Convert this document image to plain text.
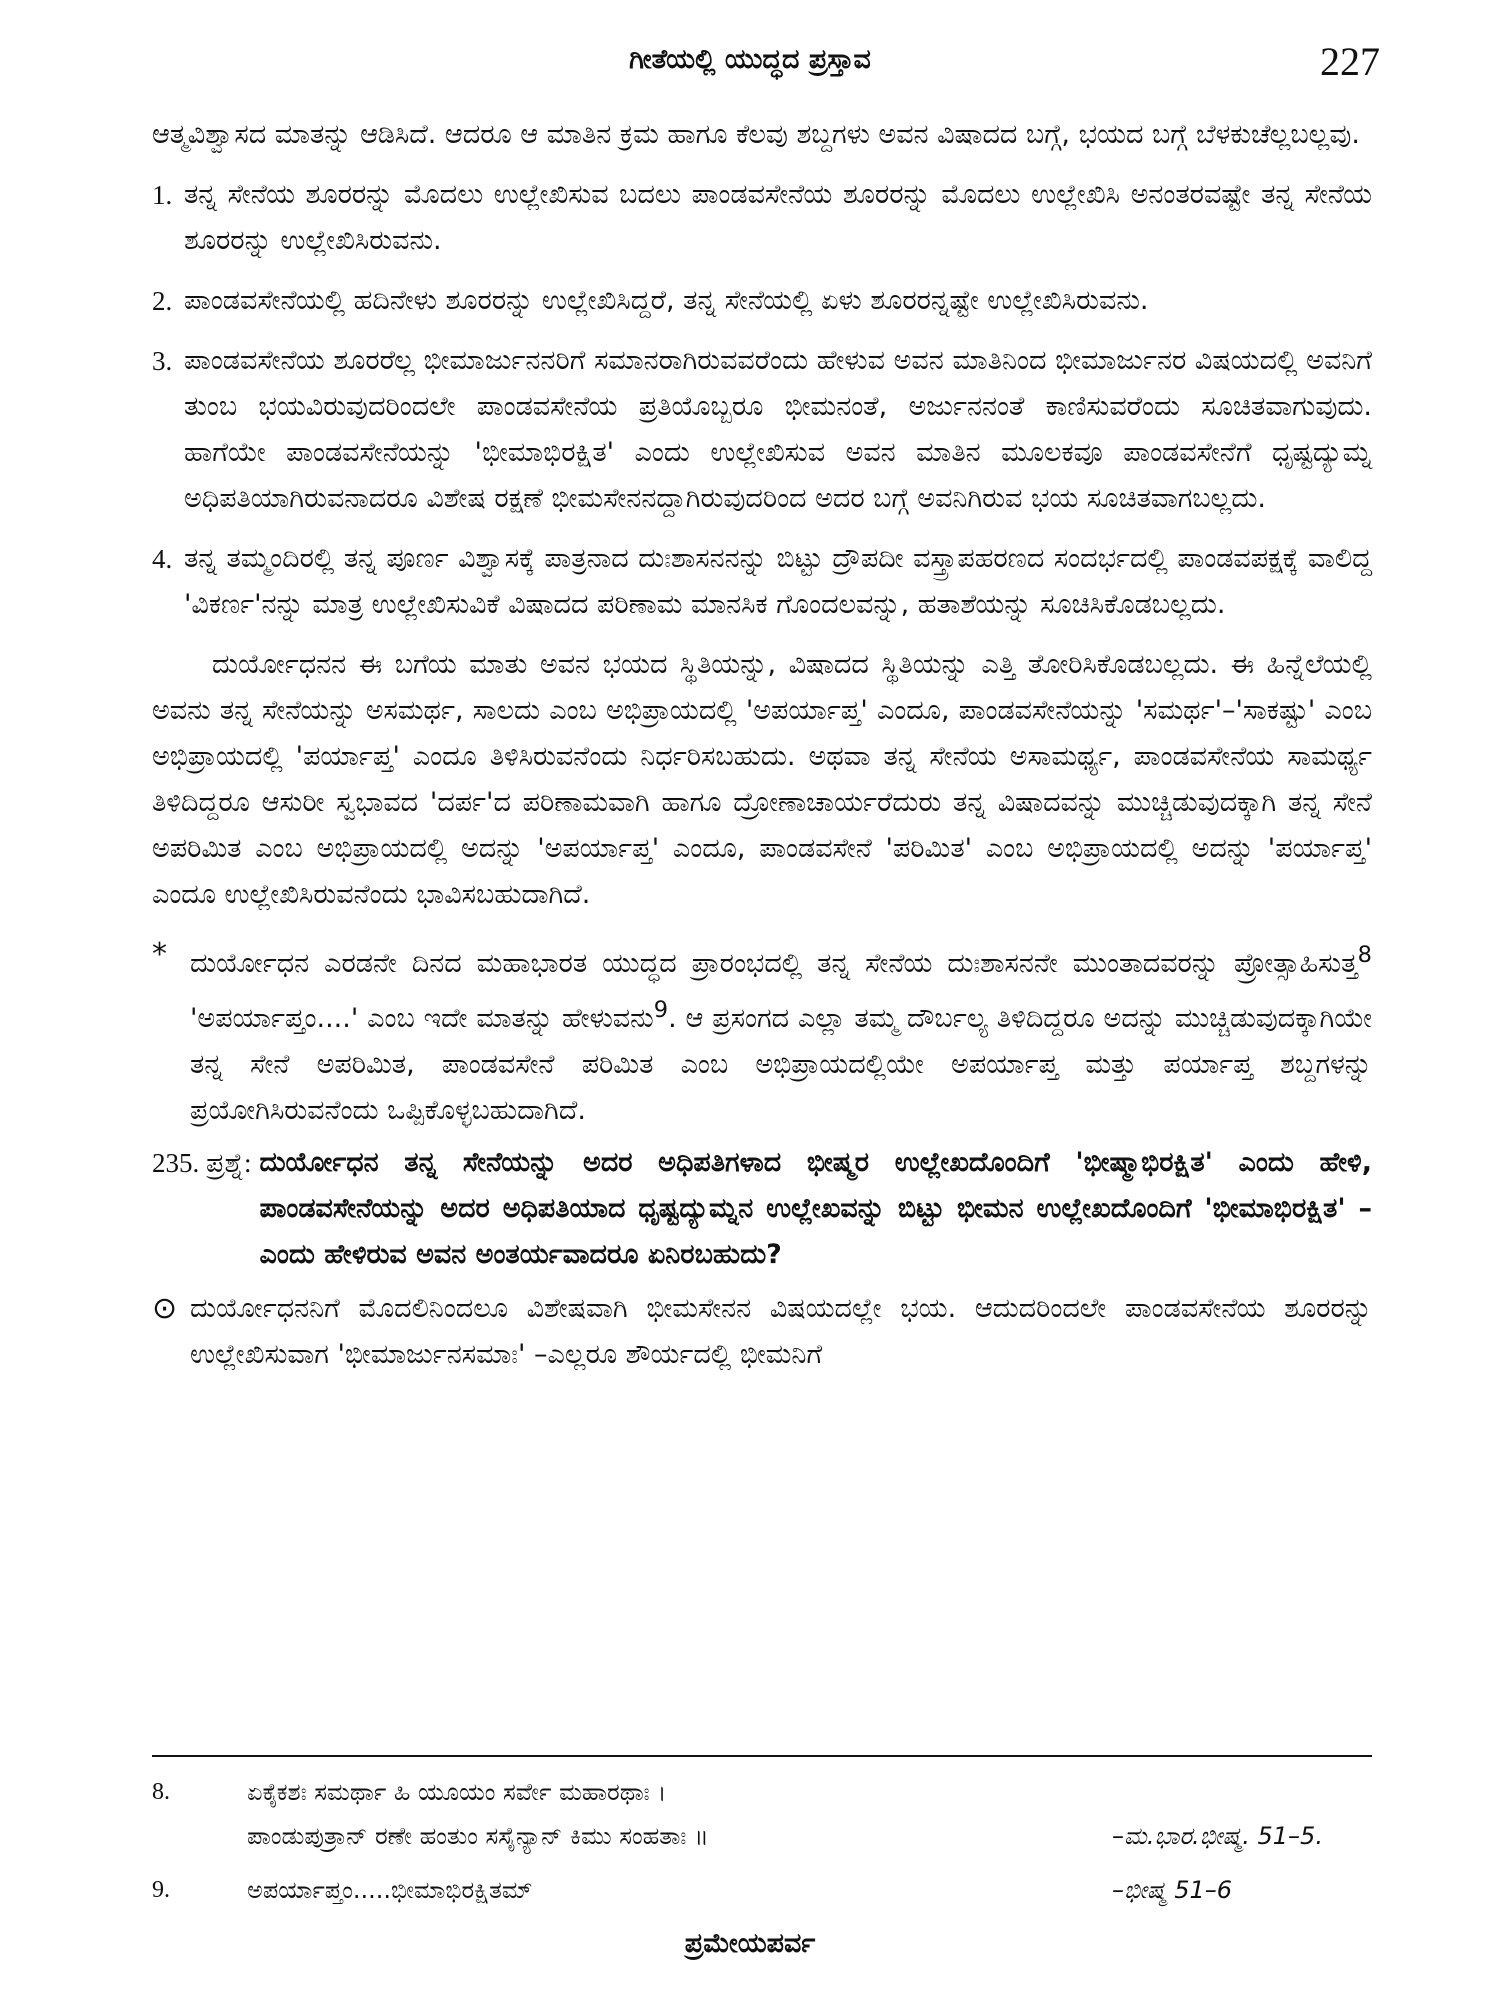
ಗೀತೆಯಲ್ಲಿ ಯುದ್ಧದ ಪ್ರಸ್ತಾವ	227

ಆತ್ಮವಿಶ್ವಾಸದ ಮಾತನ್ನು ಆಡಿಸಿದೆ. ಆದರೂ ಆ ಮಾತಿನ ಕ್ರಮ ಹಾಗೂ ಕೆಲವು ಶಬ್ದಗಳು ಅವನ ವಿಷಾದದ ಬಗ್ಗೆ, ಭಯದ ಬಗ್ಗೆ ಬೆಳಕುಚೆಲ್ಲಬಲ್ಲವು.

1. ತನ್ನ ಸೇನೆಯ ಶೂರರನ್ನು ಮೊದಲು ಉಲ್ಲೇಖಿಸುವ ಬದಲು ಪಾಂಡವಸೇನೆಯ ಶೂರರನ್ನು ಮೊದಲು ಉಲ್ಲೇಖಿಸಿ ಅನಂತರವಷ್ಟೇ ತನ್ನ ಸೇನೆಯ ಶೂರರನ್ನು ಉಲ್ಲೇಖಿಸಿರುವನು.
2. ಪಾಂಡವಸೇನೆಯಲ್ಲಿ ಹದಿನೇಳು ಶೂರರನ್ನು ಉಲ್ಲೇಖಿಸಿದ್ದರೆ, ತನ್ನ ಸೇನೆಯಲ್ಲಿ ಏಳು ಶೂರರನ್ನಷ್ಟೇ ಉಲ್ಲೇಖಿಸಿರುವನು.
3. ಪಾಂಡವಸೇನೆಯ ಶೂರರೆಲ್ಲ ಭೀಮಾರ್ಜುನನರಿಗೆ ಸಮಾನರಾಗಿರುವವರೆಂದು ಹೇಳುವ ಅವನ ಮಾತಿನಿಂದ ಭೀಮಾರ್ಜುನರ ವಿಷಯದಲ್ಲಿ ಅವನಿಗೆ ತುಂಬ ಭಯವಿರುವುದರಿಂದಲೇ ಪಾಂಡವಸೇನೆಯ ಪ್ರತಿಯೊಬ್ಬರೂ ಭೀಮನಂತೆ, ಅರ್ಜುನನಂತೆ ಕಾಣಿಸುವರೆಂದು ಸೂಚಿತವಾಗುವುದು. ಹಾಗೆಯೇ ಪಾಂಡವಸೇನೆಯನ್ನು 'ಭೀಮಾಭಿರಕ್ಷಿತ' ಎಂದು ಉಲ್ಲೇಖಿಸುವ ಅವನ ಮಾತಿನ ಮೂಲಕವೂ ಪಾಂಡವಸೇನೆಗೆ ಧೃಷ್ಟದ್ಯುಮ್ನ ಅಧಿಪತಿಯಾಗಿರುವನಾದರೂ ವಿಶೇಷ ರಕ್ಷಣೆ ಭೀಮಸೇನನದ್ದಾಗಿರುವುದರಿಂದ ಅದರ ಬಗ್ಗೆ ಅವನಿಗಿರುವ ಭಯ ಸೂಚಿತವಾಗಬಲ್ಲದು.
4. ತನ್ನ ತಮ್ಮಂದಿರಲ್ಲಿ ತನ್ನ ಪೂರ್ಣ ವಿಶ್ವಾಸಕ್ಕೆ ಪಾತ್ರನಾದ ದುಃಶಾಸನನನ್ನು ಬಿಟ್ಟು ದ್ರೌಪದೀ ವಸ್ತ್ರಾಪಹರಣದ ಸಂದರ್ಭದಲ್ಲಿ ಪಾಂಡವಪಕ್ಷಕ್ಕೆ ವಾಲಿದ್ದ 'ವಿಕರ್ಣ'ನನ್ನು ಮಾತ್ರ ಉಲ್ಲೇಖಿಸುವಿಕೆ ವಿಷಾದದ ಪರಿಣಾಮ ಮಾನಸಿಕ ಗೊಂದಲವನ್ನು, ಹತಾಶೆಯನ್ನು ಸೂಚಿಸಿಕೊಡಬಲ್ಲದು.

ದುರ್ಯೋಧನನ ಈ ಬಗೆಯ ಮಾತು ಅವನ ಭಯದ ಸ್ಥಿತಿಯನ್ನು, ವಿಷಾದದ ಸ್ಥಿತಿಯನ್ನು ಎತ್ತಿ ತೋರಿಸಿಕೊಡಬಲ್ಲದು. ಈ ಹಿನ್ನೆಲೆಯಲ್ಲಿ ಅವನು ತನ್ನ ಸೇನೆಯನ್ನು ಅಸಮರ್ಥ, ಸಾಲದು ಎಂಬ ಅಭಿಪ್ರಾಯದಲ್ಲಿ 'ಅಪರ್ಯಾಪ್ತ' ಎಂದೂ, ಪಾಂಡವಸೇನೆಯನ್ನು 'ಸಮರ್ಥ'–'ಸಾಕಷ್ಟು' ಎಂಬ ಅಭಿಪ್ರಾಯದಲ್ಲಿ 'ಪರ್ಯಾಪ್ತ' ಎಂದೂ ತಿಳಿಸಿರುವನೆಂದು ನಿರ್ಧರಿಸಬಹುದು. ಅಥವಾ ತನ್ನ ಸೇನೆಯ ಅಸಾಮರ್ಥ್ಯ, ಪಾಂಡವಸೇನೆಯ ಸಾಮರ್ಥ್ಯ ತಿಳಿದಿದ್ದರೂ ಆಸುರೀ ಸ್ವಭಾವದ 'ದರ್ಪ'ದ ಪರಿಣಾಮವಾಗಿ ಹಾಗೂ ದ್ರೋಣಾಚಾರ್ಯರೆದುರು ತನ್ನ ವಿಷಾದವನ್ನು ಮುಚ್ಚಿಡುವುದಕ್ಕಾಗಿ ತನ್ನ ಸೇನೆ ಅಪರಿಮಿತ ಎಂಬ ಅಭಿಪ್ರಾಯದಲ್ಲಿ ಅದನ್ನು 'ಅಪರ್ಯಾಪ್ತ' ಎಂದೂ, ಪಾಂಡವಸೇನೆ 'ಪರಿಮಿತ' ಎಂಬ ಅಭಿಪ್ರಾಯದಲ್ಲಿ ಅದನ್ನು 'ಪರ್ಯಾಪ್ತ' ಎಂದೂ ಉಲ್ಲೇಖಿಸಿರುವನೆಂದು ಭಾವಿಸಬಹುದಾಗಿದೆ.

* ದುರ್ಯೋಧನ ಎರಡನೇ ದಿನದ ಮಹಾಭಾರತ ಯುದ್ಧದ ಪ್ರಾರಂಭದಲ್ಲಿ ತನ್ನ ಸೇನೆಯ ದುಃಶಾಸನನೇ ಮುಂತಾದವರನ್ನು ಪ್ರೋತ್ಸಾಹಿಸುತ್ತ$^8$ 'ಅಪರ್ಯಾಪ್ತಂ....' ಎಂಬ ಇದೇ ಮಾತನ್ನು ಹೇಳುವನು$^9$. ಆ ಪ್ರಸಂಗದ ಎಲ್ಲಾ ತಮ್ಮ ದೌರ್ಬಲ್ಯ ತಿಳಿದಿದ್ದರೂ ಅದನ್ನು ಮುಚ್ಚಿಡುವುದಕ್ಕಾಗಿಯೇ ತನ್ನ ಸೇನೆ ಅಪರಿಮಿತ, ಪಾಂಡವಸೇನೆ ಪರಿಮಿತ ಎಂಬ ಅಭಿಪ್ರಾಯದಲ್ಲಿಯೇ ಅಪರ್ಯಾಪ್ತ ಮತ್ತು ಪರ್ಯಾಪ್ತ ಶಬ್ದಗಳನ್ನು ಪ್ರಯೋಗಿಸಿರುವನೆಂದು ಒಪ್ಪಿಕೊಳ್ಳಬಹುದಾಗಿದೆ.
235. ಪ್ರಶ್ನೆ: ದುರ್ಯೋಧನ ತನ್ನ ಸೇನೆಯನ್ನು ಅದರ ಅಧಿಪತಿಗಳಾದ ಭೀಷ್ಮರ ಉಲ್ಲೇಖದೊಂದಿಗೆ 'ಭೀಷ್ಮಾಭಿರಕ್ಷಿತ' ಎಂದು ಹೇಳಿ, ಪಾಂಡವಸೇನೆಯನ್ನು ಅದರ ಅಧಿಪತಿಯಾದ ಧೃಷ್ಟದ್ಯುಮ್ನನ ಉಲ್ಲೇಖವನ್ನು ಬಿಟ್ಟು ಭೀಮನ ಉಲ್ಲೇಖದೊಂದಿಗೆ 'ಭೀಮಾಭಿರಕ್ಷಿತ' –ಎಂದು ಹೇಳಿರುವ ಅವನ ಅಂತರ್ಯವಾದರೂ ಏನಿರಬಹುದು?
⊙ ದುರ್ಯೋಧನನಿಗೆ ಮೊದಲಿನಿಂದಲೂ ವಿಶೇಷವಾಗಿ ಭೀಮಸೇನನ ವಿಷಯದಲ್ಲೇ ಭಯ. ಆದುದರಿಂದಲೇ ಪಾಂಡವಸೇನೆಯ ಶೂರರನ್ನು ಉಲ್ಲೇಖಿಸುವಾಗ 'ಭೀಮಾರ್ಜುನಸಮಾಃ' –ಎಲ್ಲರೂ ಶೌರ್ಯದಲ್ಲಿ ಭೀಮನಿಗೆ
8.	ಏಕೈಕಶಃ ಸಮರ್ಥಾ ಹಿ ಯೂಯಂ ಸರ್ವೇ ಮಹಾರಥಾಃ ।
ಪಾಂಡುಪುತ್ರಾನ್ ರಣೇ ಹಂತುಂ ಸಸೈನ್ಯಾನ್ ಕಿಮು ಸಂಹತಾಃ ॥	–ಮ.ಭಾರ.ಭೀಷ್ಮ. 51–5.
9.	ಅಪರ್ಯಾಪ್ತಂ.....ಭೀಮಾಭಿರಕ್ಷಿತಮ್	–ಭೀಷ್ಮ 51–6
ಪ್ರಮೇಯಪರ್ವ
